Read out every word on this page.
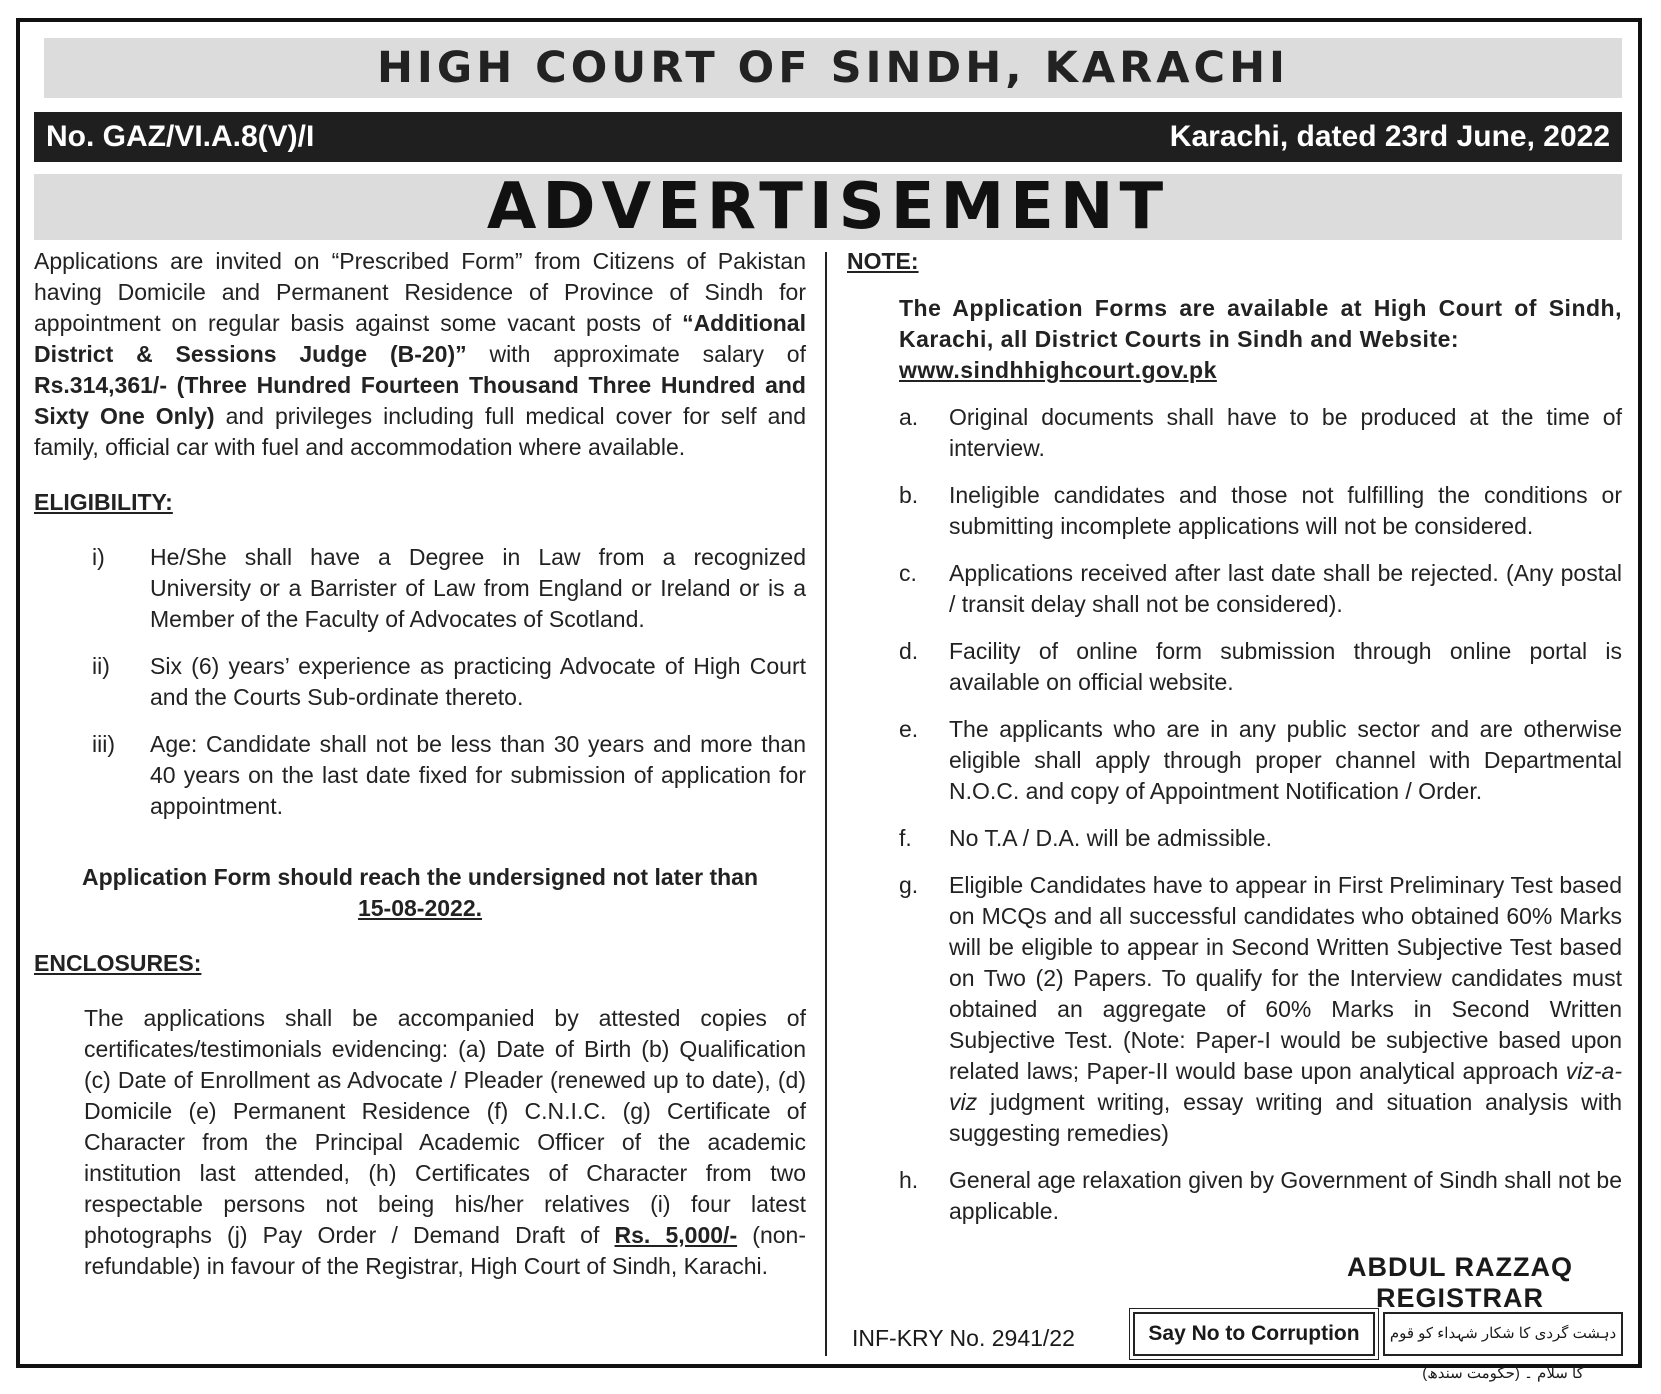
HIGH COURT OF SINDH, KARACHI
No. GAZ/VI.A.8(V)/I	Karachi, dated 23rd June, 2022
ADVERTISEMENT

Applications are invited on “Prescribed Form” from Citizens of Pakistan having Domicile and Permanent Residence of Province of Sindh for appointment on regular basis against some vacant posts of “Additional District & Sessions Judge (B-20)” with approximate salary of Rs.314,361/- (Three Hundred Fourteen Thousand Three Hundred and Sixty One Only) and privileges including full medical cover for self and family, official car with fuel and accommodation where available.

ELIGIBILITY:

i)	He/She shall have a Degree in Law from a recognized University or a Barrister of Law from England or Ireland or is a Member of the Faculty of Advocates of Scotland.
ii)	Six (6) years’ experience as practicing Advocate of High Court and the Courts Sub-ordinate thereto.
iii)	Age: Candidate shall not be less than 30 years and more than 40 years on the last date fixed for submission of application for appointment.
Application Form should reach the undersigned not later than
15-08-2022.

ENCLOSURES:

The applications shall be accompanied by attested copies of certificates/testimonials evidencing: (a) Date of Birth (b) Qualification (c) Date of Enrollment as Advocate / Pleader (renewed up to date), (d) Domicile (e) Permanent Residence (f) C.N.I.C. (g) Certificate of Character from the Principal Academic Officer of the academic institution last attended, (h) Certificates of Character from two respectable persons not being his/her relatives (i) four latest photographs (j) Pay Order / Demand Draft of Rs. 5,000/- (non-refundable) in favour of the Registrar, High Court of Sindh, Karachi.

NOTE:

The Application Forms are available at High Court of Sindh, Karachi, all District Courts in Sindh and Website:
www.sindhhighcourt.gov.pk

a.	Original documents shall have to be produced at the time of interview.
b.	Ineligible candidates and those not fulfilling the conditions or submitting incomplete applications will not be considered.
c.	Applications received after last date shall be rejected. (Any postal / transit delay shall not be considered).
d.	Facility of online form submission through online portal is available on official website.
e.	The applicants who are in any public sector and are otherwise eligible shall apply through proper channel with Departmental N.O.C. and copy of Appointment Notification / Order.
f.	No T.A / D.A. will be admissible.
g.	Eligible Candidates have to appear in First Preliminary Test based on MCQs and all successful candidates who obtained 60% Marks will be eligible to appear in Second Written Subjective Test based on Two (2) Papers. To qualify for the Interview candidates must obtained an aggregate of 60% Marks in Second Written Subjective Test. (Note: Paper-I would be subjective based upon related laws; Paper-II would base upon analytical approach viz-a-viz judgment writing, essay writing and situation analysis with suggesting remedies)
h.	General age relaxation given by Government of Sindh shall not be applicable.
ABDUL RAZZAQ
REGISTRAR
INF-KRY No. 2941/22	Say No to Corruption	دہشت گردی کا شکار شہداء کو قوم کا سلام ۔ (حکومت سندھ)
